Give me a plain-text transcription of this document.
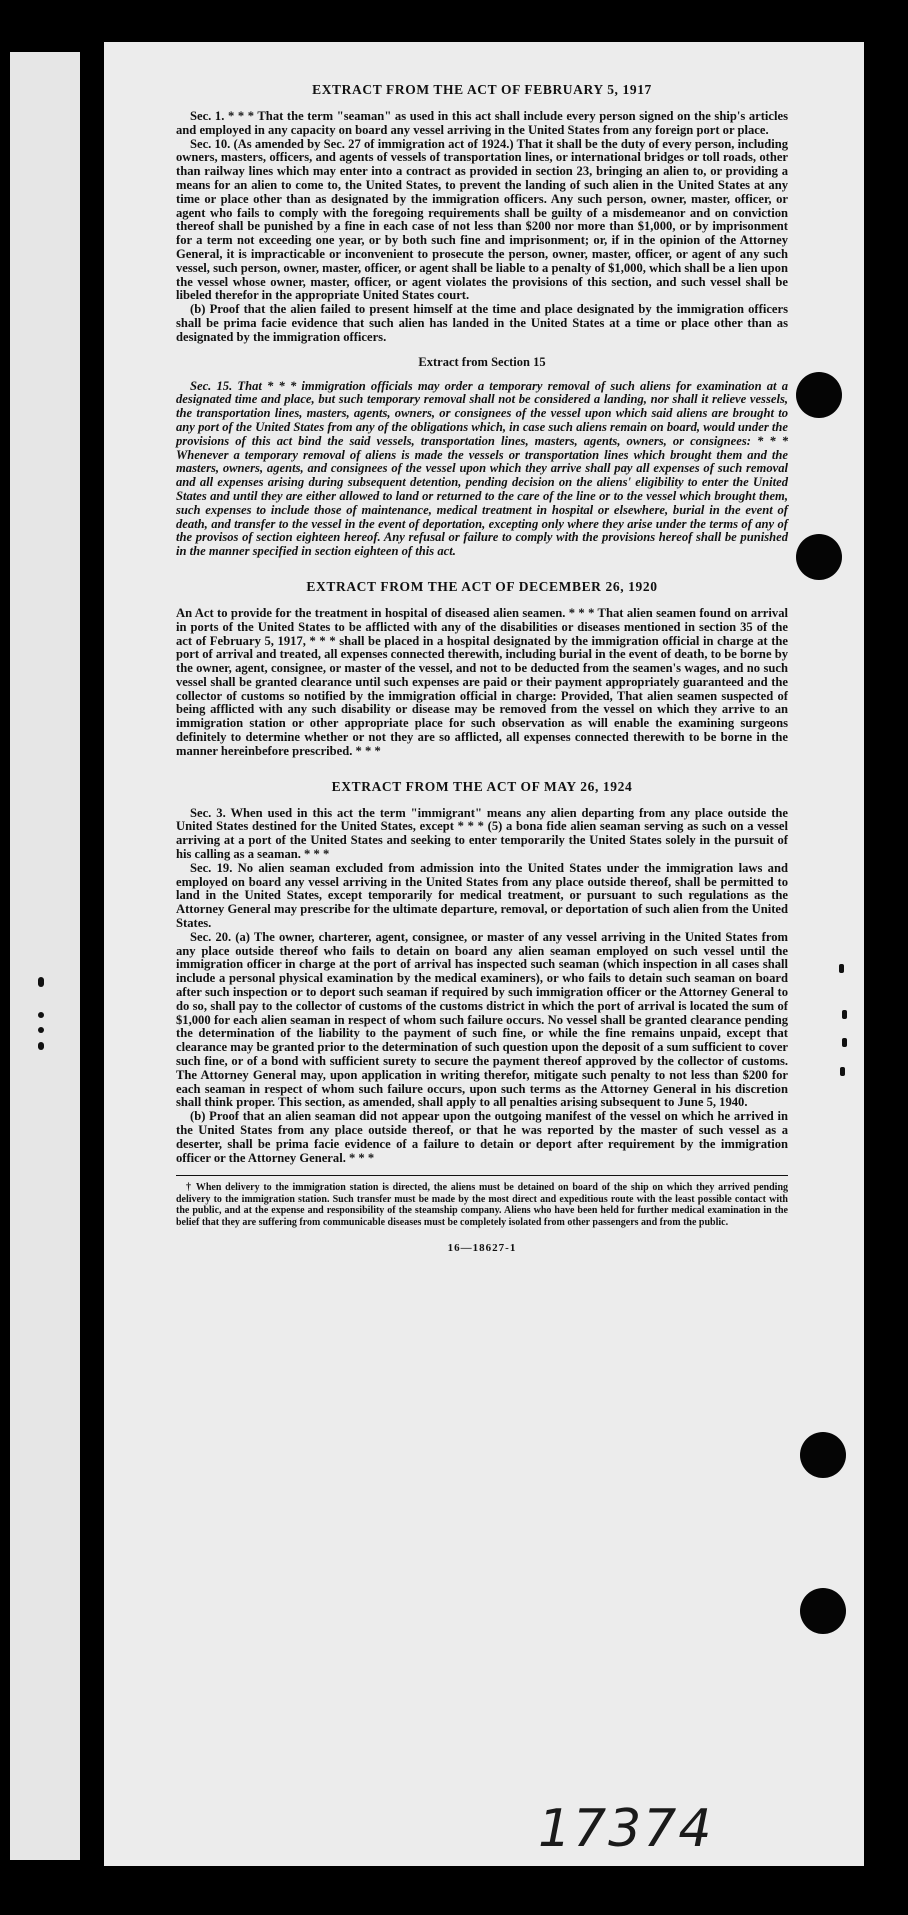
EXTRACT FROM THE ACT OF FEBRUARY 5, 1917

Sec. 1. * * * That the term "seaman" as used in this act shall include every person signed on the ship's articles and employed in any capacity on board any vessel arriving in the United States from any foreign port or place.

Sec. 10. (As amended by Sec. 27 of immigration act of 1924.) That it shall be the duty of every person, including owners, masters, officers, and agents of vessels of transportation lines, or international bridges or toll roads, other than railway lines which may enter into a contract as provided in section 23, bringing an alien to, or providing a means for an alien to come to, the United States, to prevent the landing of such alien in the United States at any time or place other than as designated by the immigration officers. Any such person, owner, master, officer, or agent who fails to comply with the foregoing requirements shall be guilty of a misdemeanor and on conviction thereof shall be punished by a fine in each case of not less than $200 nor more than $1,000, or by imprisonment for a term not exceeding one year, or by both such fine and imprisonment; or, if in the opinion of the Attorney General, it is impracticable or inconvenient to prosecute the person, owner, master, officer, or agent of any such vessel, such person, owner, master, officer, or agent shall be liable to a penalty of $1,000, which shall be a lien upon the vessel whose owner, master, officer, or agent violates the provisions of this section, and such vessel shall be libeled therefor in the appropriate United States court.

(b) Proof that the alien failed to present himself at the time and place designated by the immigration officers shall be prima facie evidence that such alien has landed in the United States at a time or place other than as designated by the immigration officers.

Extract from Section 15

Sec. 15. That * * * immigration officials may order a temporary removal of such aliens for examination at a designated time and place, but such temporary removal shall not be considered a landing, nor shall it relieve vessels, the transportation lines, masters, agents, owners, or consignees of the vessel upon which said aliens are brought to any port of the United States from any of the obligations which, in case such aliens remain on board, would under the provisions of this act bind the said vessels, transportation lines, masters, agents, owners, or consignees: * * * Whenever a temporary removal of aliens is made the vessels or transportation lines which brought them and the masters, owners, agents, and consignees of the vessel upon which they arrive shall pay all expenses of such removal and all expenses arising during subsequent detention, pending decision on the aliens' eligibility to enter the United States and until they are either allowed to land or returned to the care of the line or to the vessel which brought them, such expenses to include those of maintenance, medical treatment in hospital or elsewhere, burial in the event of death, and transfer to the vessel in the event of deportation, excepting only where they arise under the terms of any of the provisos of section eighteen hereof. Any refusal or failure to comply with the provisions hereof shall be punished in the manner specified in section eighteen of this act.

EXTRACT FROM THE ACT OF DECEMBER 26, 1920

An Act to provide for the treatment in hospital of diseased alien seamen. * * * That alien seamen found on arrival in ports of the United States to be afflicted with any of the disabilities or diseases mentioned in section 35 of the act of February 5, 1917, * * * shall be placed in a hospital designated by the immigration official in charge at the port of arrival and treated, all expenses connected therewith, including burial in the event of death, to be borne by the owner, agent, consignee, or master of the vessel, and not to be deducted from the seamen's wages, and no such vessel shall be granted clearance until such expenses are paid or their payment appropriately guaranteed and the collector of customs so notified by the immigration official in charge: Provided, That alien seamen suspected of being afflicted with any such disability or disease may be removed from the vessel on which they arrive to an immigration station or other appropriate place for such observation as will enable the examining surgeons definitely to determine whether or not they are so afflicted, all expenses connected therewith to be borne in the manner hereinbefore prescribed. * * *

EXTRACT FROM THE ACT OF MAY 26, 1924

Sec. 3. When used in this act the term "immigrant" means any alien departing from any place outside the United States destined for the United States, except * * * (5) a bona fide alien seaman serving as such on a vessel arriving at a port of the United States and seeking to enter temporarily the United States solely in the pursuit of his calling as a seaman. * * *

Sec. 19. No alien seaman excluded from admission into the United States under the immigration laws and employed on board any vessel arriving in the United States from any place outside thereof, shall be permitted to land in the United States, except temporarily for medical treatment, or pursuant to such regulations as the Attorney General may prescribe for the ultimate departure, removal, or deportation of such alien from the United States.

Sec. 20. (a) The owner, charterer, agent, consignee, or master of any vessel arriving in the United States from any place outside thereof who fails to detain on board any alien seaman employed on such vessel until the immigration officer in charge at the port of arrival has inspected such seaman (which inspection in all cases shall include a personal physical examination by the medical examiners), or who fails to detain such seaman on board after such inspection or to deport such seaman if required by such immigration officer or the Attorney General to do so, shall pay to the collector of customs of the customs district in which the port of arrival is located the sum of $1,000 for each alien seaman in respect of whom such failure occurs. No vessel shall be granted clearance pending the determination of the liability to the payment of such fine, or while the fine remains unpaid, except that clearance may be granted prior to the determination of such question upon the deposit of a sum sufficient to cover such fine, or of a bond with sufficient surety to secure the payment thereof approved by the collector of customs. The Attorney General may, upon application in writing therefor, mitigate such penalty to not less than $200 for each seaman in respect of whom such failure occurs, upon such terms as the Attorney General in his discretion shall think proper. This section, as amended, shall apply to all penalties arising subsequent to June 5, 1940.

(b) Proof that an alien seaman did not appear upon the outgoing manifest of the vessel on which he arrived in the United States from any place outside thereof, or that he was reported by the master of such vessel as a deserter, shall be prima facie evidence of a failure to detain or deport after requirement by the immigration officer or the Attorney General. * * *

† When delivery to the immigration station is directed, the aliens must be detained on board of the ship on which they arrived pending delivery to the immigration station. Such transfer must be made by the most direct and expeditious route with the least possible contact with the public, and at the expense and responsibility of the steamship company. Aliens who have been held for further medical examination in the belief that they are suffering from communicable diseases must be completely isolated from other passengers and from the public.
16—18627-1
17374
